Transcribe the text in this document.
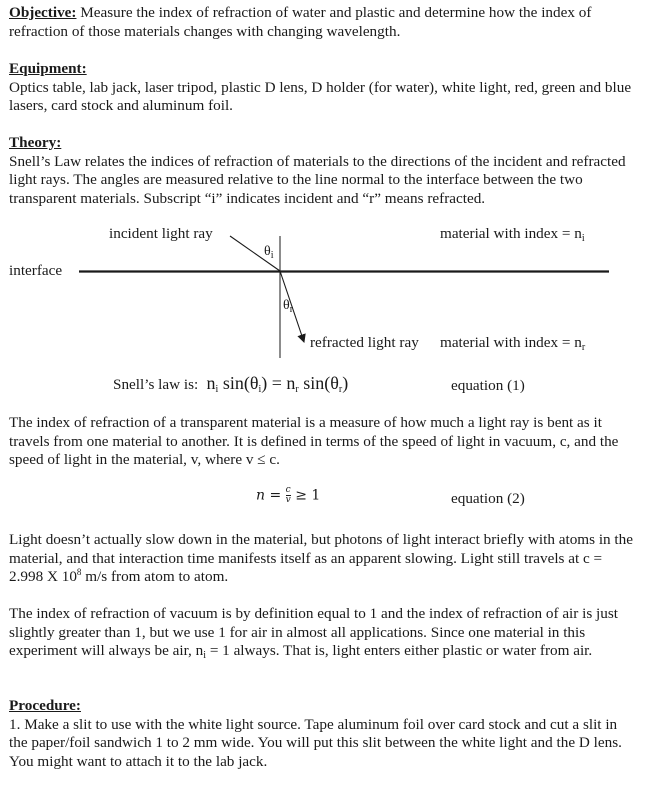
Objective: Measure the index of refraction of water and plastic and determine how the index of refraction of those materials changes with changing wavelength.
Equipment:
Optics table, lab jack, laser tripod, plastic D lens, D holder (for water), white light, red, green and blue lasers, card stock and aluminum foil.
Theory:
Snell’s Law relates the indices of refraction of materials to the directions of the incident and refracted light rays. The angles are measured relative to the line normal to the interface between the two transparent materials. Subscript “i” indicates incident and “r” means refracted.
incident light ray	material with index = $n_i$
interface
$\theta_i$
$\theta_r$
refracted light ray material with index = $n_r$
Snell’s law is: $n_i$ $\sin(\theta_i) = n_r$ $\sin(\theta_r)$	equation (1)
The index of refraction of a transparent material is a measure of how much a light ray is bent as it travels from one material to another. It is defined in terms of the speed of light in vacuum, c, and the speed of light in the material, v, where v ≤ c.
$n = \frac{c}{v} \ge 1$	equation (2)
Light doesn’t actually slow down in the material, but photons of light interact briefly with atoms in the material, and that interaction time manifests itself as an apparent slowing. Light still travels at c = 2.998 X $10^8$ m/s from atom to atom.
The index of refraction of vacuum is by definition equal to 1 and the index of refraction of air is just slightly greater than 1, but we use 1 for air in almost all applications. Since one material in this experiment will always be air, $n_i = 1$ always. That is, light enters either plastic or water from air.
Procedure:
1. Make a slit to use with the white light source. Tape aluminum foil over card stock and cut a slit in the paper/foil sandwich 1 to 2 mm wide. You will put this slit between the white light and the D lens. You might want to attach it to the lab jack.
